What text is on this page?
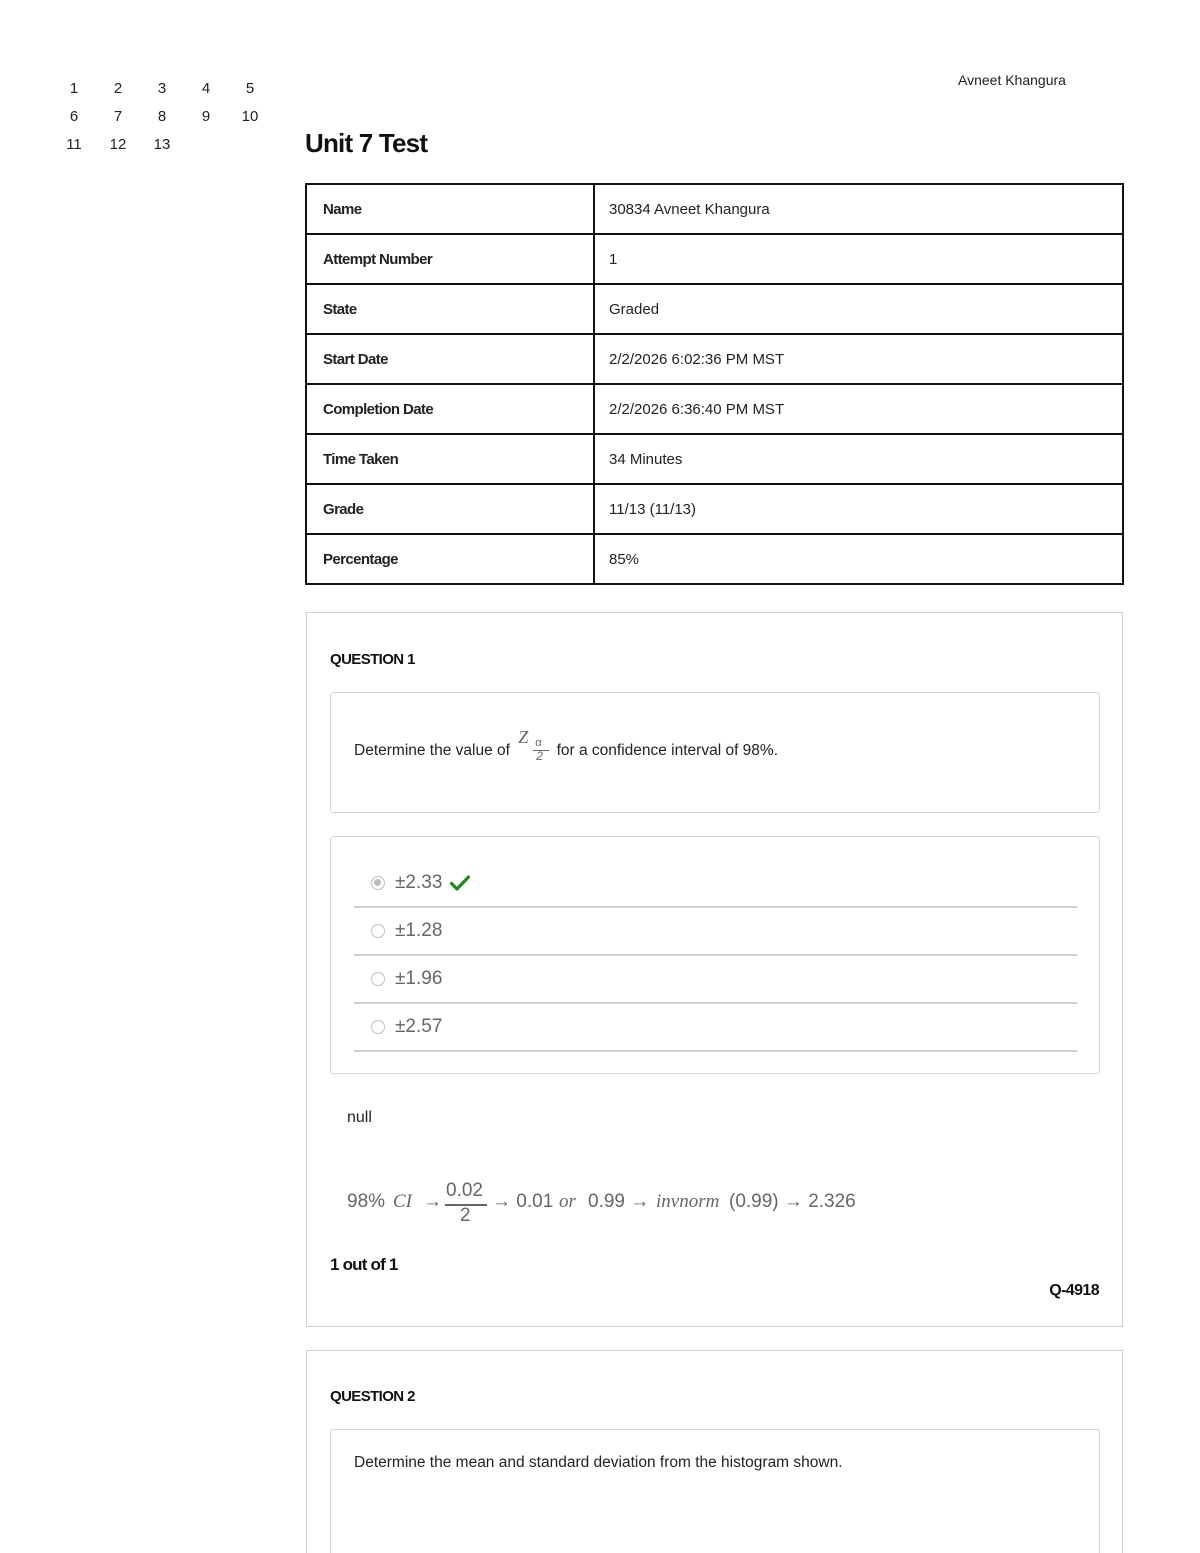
1	2	3	4	5
6	7	8	9	10
11	12	13
Avneet Khangura
Unit 7 Test
Name	30834 Avneet Khangura
Attempt Number	1
State	Graded
Start Date	2/2/2026 6:02:36 PM MST
Completion Date	2/2/2026 6:36:40 PM MST
Time Taken	34 Minutes
Grade	11/13 (11/13)
Percentage	85%
QUESTION 1
Determine the value of
Z α
2 for a confidence interval of 98%.
±2.33
±1.28
±1.96
±2.57
null
98% CI →
0.02
2
→ 0.01 or 0.99 → invnorm (0.99) → 2.326
1 out of 1
Q-4918
QUESTION 2
Determine the mean and standard deviation from the histogram shown.
